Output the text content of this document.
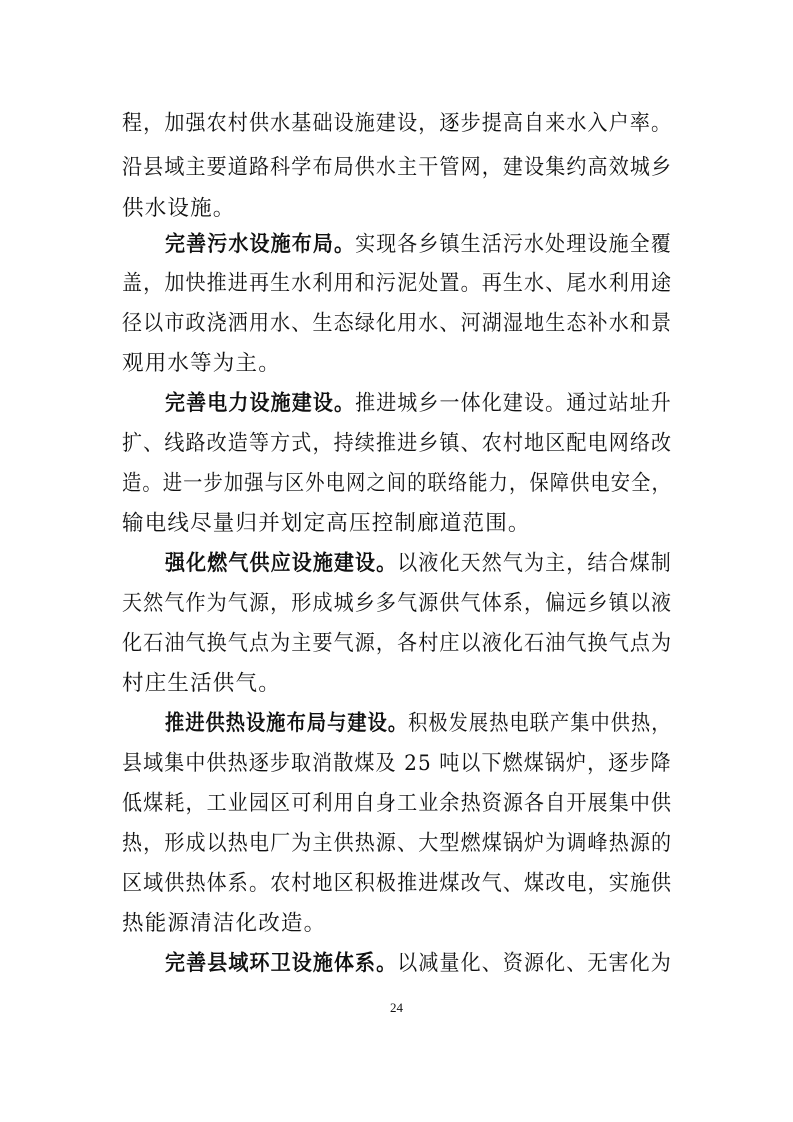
程，加强农村供水基础设施建设，逐步提高自来水入户率。
沿县域主要道路科学布局供水主干管网，建设集约高效城乡
供水设施。
完善污水设施布局。实现各乡镇生活污水处理设施全覆
盖，加快推进再生水利用和污泥处置。再生水、尾水利用途
径以市政浇洒用水、生态绿化用水、河湖湿地生态补水和景
观用水等为主。
完善电力设施建设。推进城乡一体化建设。通过站址升
扩、线路改造等方式，持续推进乡镇、农村地区配电网络改
造。进一步加强与区外电网之间的联络能力，保障供电安全，
输电线尽量归并划定高压控制廊道范围。
强化燃气供应设施建设。以液化天然气为主，结合煤制
天然气作为气源，形成城乡多气源供气体系，偏远乡镇以液
化石油气换气点为主要气源，各村庄以液化石油气换气点为
村庄生活供气。
推进供热设施布局与建设。积极发展热电联产集中供热，
县域集中供热逐步取消散煤及 25 吨以下燃煤锅炉，逐步降
低煤耗，工业园区可利用自身工业余热资源各自开展集中供
热，形成以热电厂为主供热源、大型燃煤锅炉为调峰热源的
区域供热体系。农村地区积极推进煤改气、煤改电，实施供
热能源清洁化改造。
完善县域环卫设施体系。以减量化、资源化、无害化为
24
